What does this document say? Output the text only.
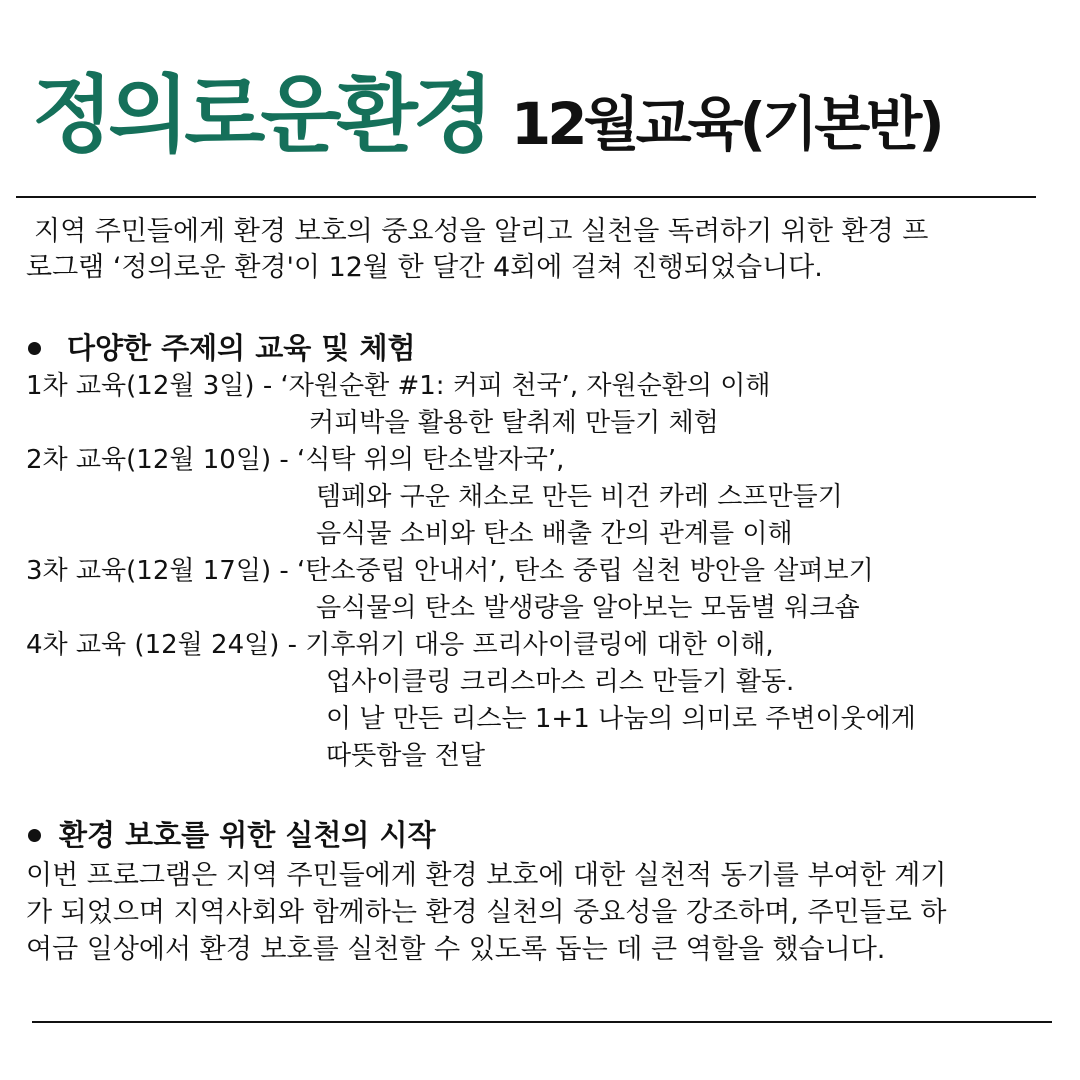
정의로운환경 12월교육(기본반)

지역 주민들에게 환경 보호의 중요성을 알리고 실천을 독려하기 위한 환경 프
로그램 ‘정의로운 환경'이 12월 한 달간 4회에 걸쳐 진행되었습니다.

다양한 주제의 교육 및 체험
1차 교육(12월 3일) - ‘자원순환 #1: 커피 천국’, 자원순환의 이해
커피박을 활용한 탈취제 만들기 체험
2차 교육(12월 10일) - ‘식탁 위의 탄소발자국’,
템페와 구운 채소로 만든 비건 카레 스프만들기
음식물 소비와 탄소 배출 간의 관계를 이해
3차 교육(12월 17일) - ‘탄소중립 안내서’, 탄소 중립 실천 방안을 살펴보기
음식물의 탄소 발생량을 알아보는 모둠별 워크숍
4차 교육 (12월 24일) - 기후위기 대응 프리사이클링에 대한 이해,
업사이클링 크리스마스 리스 만들기 활동.
이 날 만든 리스는 1+1 나눔의 의미로 주변이웃에게
따뜻함을 전달
환경 보호를 위한 실천의 시작

이번 프로그램은 지역 주민들에게 환경 보호에 대한 실천적 동기를 부여한 계기
가 되었으며 지역사회와 함께하는 환경 실천의 중요성을 강조하며, 주민들로 하
여금 일상에서 환경 보호를 실천할 수 있도록 돕는 데 큰 역할을 했습니다.
